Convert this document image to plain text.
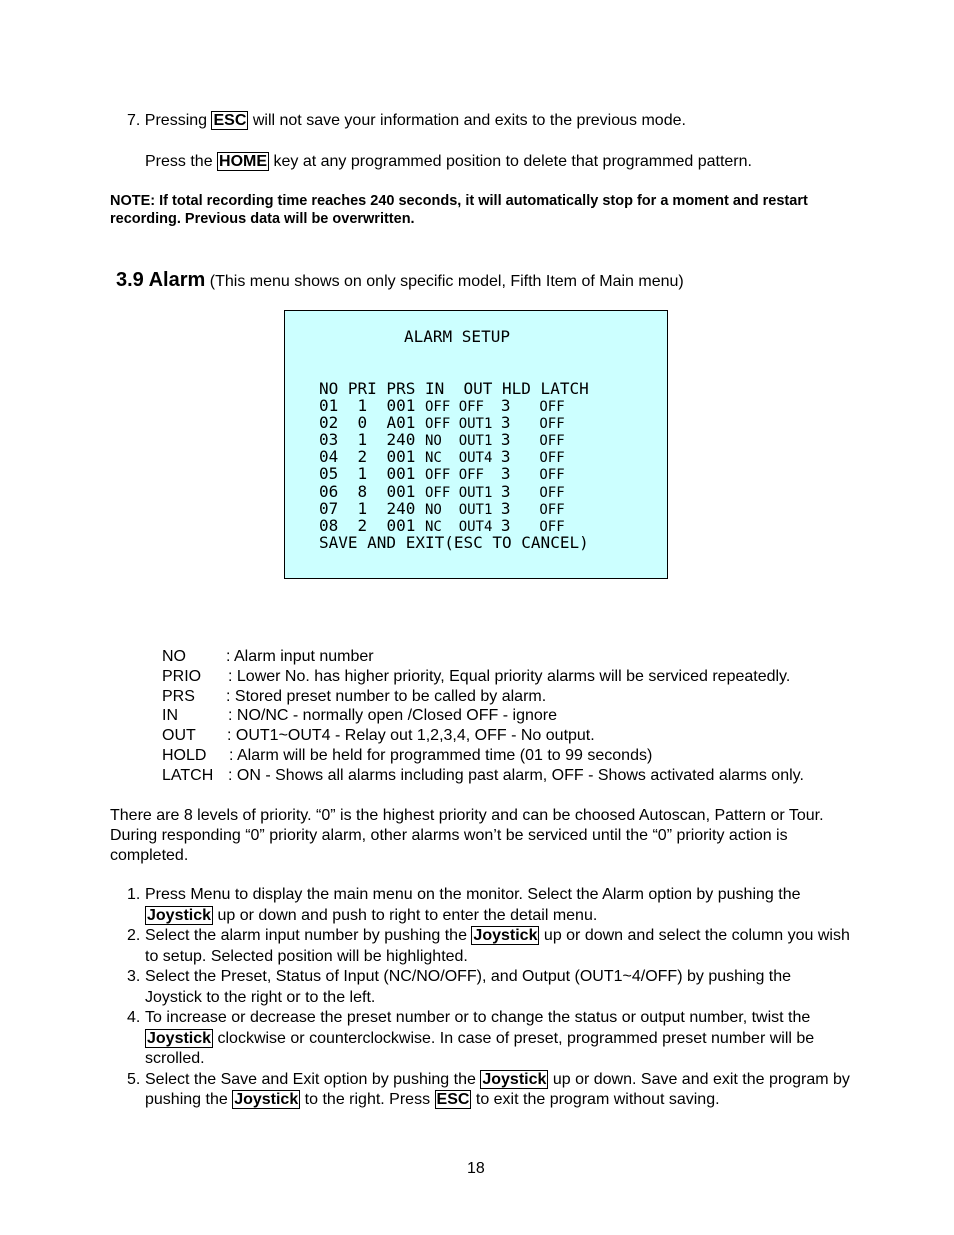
7. Pressing ESC will not save your information and exits to the previous mode.
Press the HOME key at any programmed position to delete that programmed pattern.
NOTE: If total recording time reaches 240 seconds, it will automatically stop for a moment and restart recording. Previous data will be overwritten.
3.9 Alarm (This menu shows on only specific model, Fifth Item of Main menu)
ALARM SETUP
NO PRI PRS IN  OUT HLD LATCH
01  1  001 OFF OFF  3   OFF
02  0  A01 OFF OUT1 3   OFF
03  1  240 NO  OUT1 3   OFF
04  2  001 NC  OUT4 3   OFF
05  1  001 OFF OFF  3   OFF
06  8  001 OFF OUT1 3   OFF
07  1  240 NO  OUT1 3   OFF
08  2  001 NC  OUT4 3   OFF
SAVE AND EXIT(ESC TO CANCEL)
NO	: Alarm input number
PRIO : Lower No. has higher priority, Equal priority alarms will be serviced repeatedly.
PRS : Stored preset number to be called by alarm.
IN	: NO/NC - normally open /Closed OFF - ignore
OUT : OUT1~OUT4 - Relay out 1,2,3,4, OFF - No output.
HOLD : Alarm will be held for programmed time (01 to 99 seconds)
LATCH : ON - Shows all alarms including past alarm, OFF - Shows activated alarms only.
There are 8 levels of priority. “0” is the highest priority and can be choosed Autoscan, Pattern or Tour. During responding “0” priority alarm, other alarms won’t be serviced until the “0” priority action is completed.
1. Press Menu to display the main menu on the monitor. Select the Alarm option by pushing the Joystick up or down and push to right to enter the detail menu.
2. Select the alarm input number by pushing the Joystick up or down and select the column you wish to setup. Selected position will be highlighted.
3. Select the Preset, Status of Input (NC/NO/OFF), and Output (OUT1~4/OFF) by pushing the Joystick to the right or to the left.
4. To increase or decrease the preset number or to change the status or output number, twist the Joystick clockwise or counterclockwise. In case of preset, programmed preset number will be scrolled.
5. Select the Save and Exit option by pushing the Joystick up or down. Save and exit the program by pushing the Joystick to the right. Press ESC to exit the program without saving.
18
